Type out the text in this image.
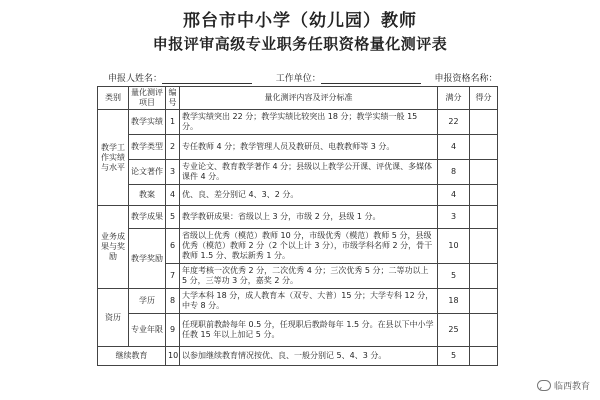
邢台市中小学（幼儿园）教师
申报评审高级专业职务任职资格量化测评表
申报人姓名：	工作单位：	申报资格名称：
类别	量化测评项目	编号	量化测评内容及评分标准	满分	得分
教学工作实绩与水平	教学实绩	1	教学实绩突出 22 分；教学实绩比较突出 18 分；教学实绩一般 15 分。	22	
	教学类型	2	专任教师 4 分；教学管理人员及教研员、电教教师等 3 分。	4	
	论文著作	3	专业论文、教育教学著作 4 分；县级以上教学公开课、评优课、多媒体课件 4 分。	8	
	教案	4	优、良、差分别记 4、3、2 分。	4	
业务成果与奖励	教学成果	5	教学教研成果：省级以上 3 分，市级 2 分，县级 1 分。	3	
	教学奖励	6	省级以上优秀（模范）教师 10 分，市级优秀（模范）教师 5 分，县级优秀（模范）教师 2 分（2 个以上计 3 分），市级学科名师 2 分，骨干教师 1.5 分、教坛新秀 1 分。	10	
		7	年度考核一次优秀 2 分，二次优秀 4 分；三次优秀 5 分；二等功以上 5 分，三等功 3 分，嘉奖 2 分。	5	
资历	学历	8	大学本科 18 分，成人教育本（双专、大普）15 分；大学专科 12 分，中专 8 分。	18	
	专业年限	9	任现职前教龄每年 0.5 分，任现职后教龄每年 1.5 分。在县以下中小学任教 15 年以上加记 5 分。	25	
继续教育		10	以参加继续教育情况按优、良、一般分别记 5、4、3 分。	5	
临西教育
